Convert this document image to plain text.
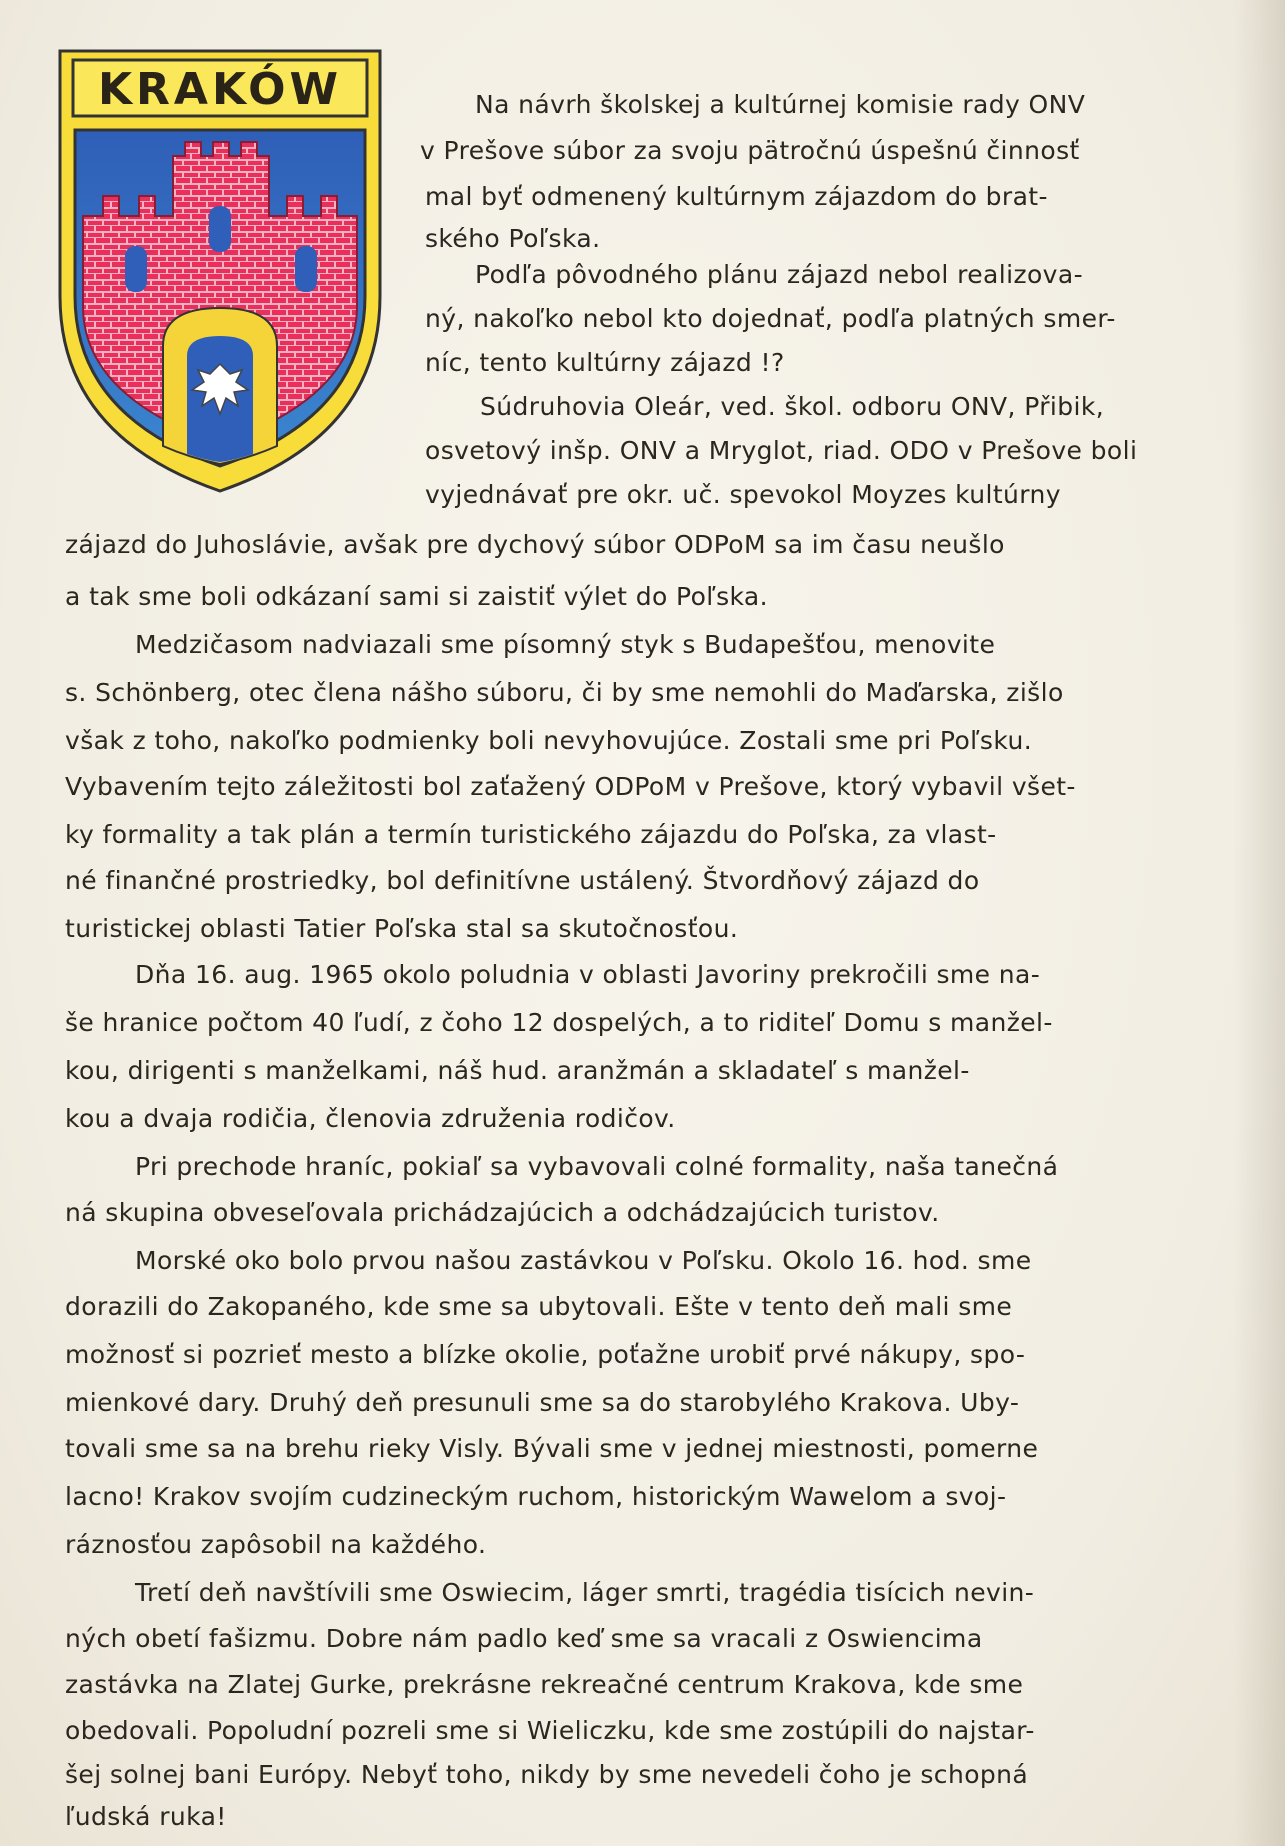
KRAKÓW	Na návrh školskej a kultúrnej komisie rady ONV
v Prešove súbor za svoju pätročnú úspešnú činnosť
mal byť odmenený kultúrnym zájazdom do brat-
ského Poľska.
Podľa pôvodného plánu zájazd nebol realizova-
ný, nakoľko nebol kto dojednať, podľa platných smer-
níc, tento kultúrny zájazd !?
Súdruhovia Oleár, ved. škol. odboru ONV, Přibik,
osvetový inšp. ONV a Mryglot, riad. ODO v Prešove boli
vyjednávať pre okr. uč. spevokol Moyzes kultúrny
zájazd do Juhoslávie, avšak pre dychový súbor ODPoM sa im času neušlo
a tak sme boli odkázaní sami si zaistiť výlet do Poľska.
Medzičasom nadviazali sme písomný styk s Budapešťou, menovite
s. Schönberg, otec člena nášho súboru, či by sme nemohli do Maďarska, zišlo
však z toho, nakoľko podmienky boli nevyhovujúce. Zostali sme pri Poľsku.
Vybavením tejto záležitosti bol zaťažený ODPoM v Prešove, ktorý vybavil všet-
ky formality a tak plán a termín turistického zájazdu do Poľska, za vlast-
né finančné prostriedky, bol definitívne ustálený. Štvordňový zájazd do
turistickej oblasti Tatier Poľska stal sa skutočnosťou.
Dňa 16. aug. 1965 okolo poludnia v oblasti Javoriny prekročili sme na-
še hranice počtom 40 ľudí, z čoho 12 dospelých, a to riditeľ Domu s manžel-
kou, dirigenti s manželkami, náš hud. aranžmán a skladateľ s manžel-
kou a dvaja rodičia, členovia združenia rodičov.
Pri prechode hraníc, pokiaľ sa vybavovali colné formality, naša tanečná
ná skupina obveseľovala prichádzajúcich a odchádzajúcich turistov.
Morské oko bolo prvou našou zastávkou v Poľsku. Okolo 16. hod. sme
dorazili do Zakopaného, kde sme sa ubytovali. Ešte v tento deň mali sme
možnosť si pozrieť mesto a blízke okolie, poťažne urobiť prvé nákupy, spo-
mienkové dary. Druhý deň presunuli sme sa do starobylého Krakova. Uby-
tovali sme sa na brehu rieky Visly. Bývali sme v jednej miestnosti, pomerne
lacno! Krakov svojím cudzineckým ruchom, historickým Wawelom a svoj-
ráznosťou zapôsobil na každého.
Tretí deň navštívili sme Oswiecim, láger smrti, tragédia tisícich nevin-
ných obetí fašizmu. Dobre nám padlo keď sme sa vracali z Oswiencima
zastávka na Zlatej Gurke, prekrásne rekreačné centrum Krakova, kde sme
obedovali. Popoludní pozreli sme si Wieliczku, kde sme zostúpili do najstar-
šej solnej bani Európy. Nebyť toho, nikdy by sme nevedeli čoho je schopná
ľudská ruka!
